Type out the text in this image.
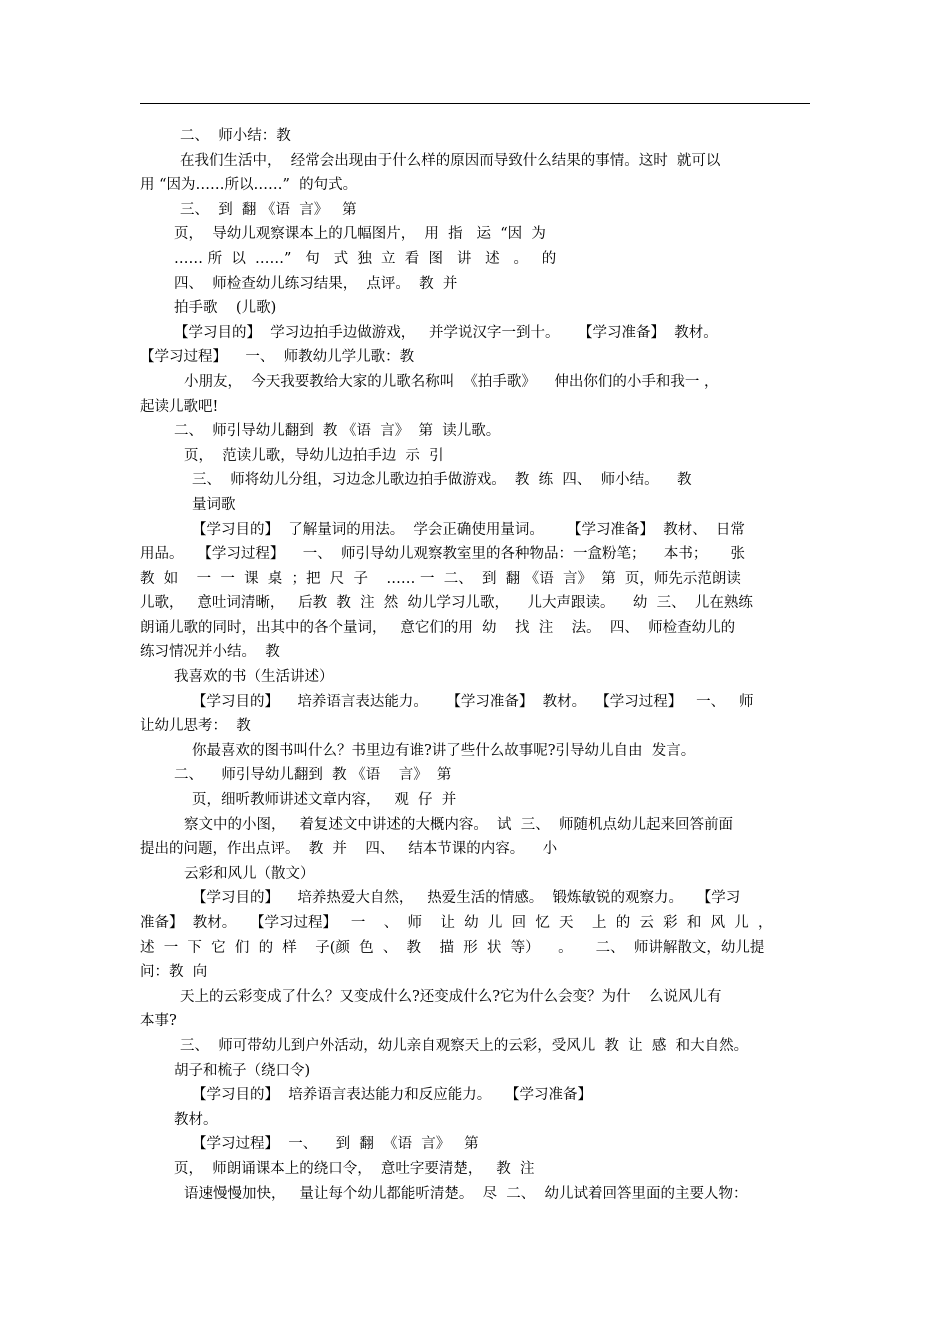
二、  师小结：教
在我们生活中，  经常会出现由于什么样的原因而导致什么结果的事情。这时  就可以
用 “因为……所以……”  的句式。
三、  到  翻 《语  言》   第
页，  导幼儿观察课本上的几幅图片，  用  指   运  “因  为
…… 所  以  ……”   句   式  独  立  看  图   讲   述   。   的
四、  师检查幼儿练习结果，  点评。  教  并
拍手歌    (儿歌)
【学习目的】  学习边拍手边做游戏，   并学说汉字一到十。    【学习准备】  教材。
【学习过程】    一、  师教幼儿学儿歌：教
小朋友，  今天我要教给大家的儿歌名称叫  《拍手歌》    伸出你们的小手和我一 ，
起读儿歌吧!
二、  师引导幼儿翻到  教 《语  言》  第  读儿歌。
页，  范读儿歌，导幼儿边拍手边  示  引
三、  师将幼儿分组，习边念儿歌边拍手做游戏。  教  练  四、  师小结。    教
量词歌
【学习目的】  了解量词的用法。  学会正确使用量词。     【学习准备】  教材、  日常
用品。   【学习过程】    一、  师引导幼儿观察教室里的各种物品：一盒粉笔；    本书；     张
教  如    一  一  课  桌  ；把  尺  子    …… 一  二、  到  翻 《语  言》  第  页，师先示范朗读
儿歌，   意吐词清晰，   后教  教  注  然  幼儿学习儿歌，    儿大声跟读。    幼  三、  儿在熟练
朗诵儿歌的同时，出其中的各个量词，   意它们的用  幼    找  注    法。  四、  师检查幼儿的
练习情况并小结。  教
我喜欢的书（生活讲述）
【学习目的】    培养语言表达能力。    【学习准备】  教材。  【学习过程】   一、   师
让幼儿思考：  教
你最喜欢的图书叫什么？书里边有谁?讲了些什么故事呢?引导幼儿自由  发言。
二、    师引导幼儿翻到  教 《语    言》  第
页，细听教师讲述文章内容，   观  仔  并
察文中的小图，   着复述文中讲述的大概内容。  试  三、  师随机点幼儿起来回答前面
提出的问题，作出点评。  教  并    四、   结本节课的内容。    小
云彩和风儿（散文）
【学习目的】    培养热爱大自然，   热爱生活的情感。  锻炼敏锐的观察力。   【学习
准备】  教材。   【学习过程】   一    、  师    让  幼  儿  回  忆  天    上  的  云  彩  和  风  儿  ，
述  一  下  它  们  的  样    子(颜  色  、  教    描  形  状  等）    。     二、  师讲解散文，幼儿提
问：教  向
天上的云彩变成了什么？又变成什么?还变成什么?它为什么会变？为什    么说风儿有
本事?
三、  师可带幼儿到户外活动，幼儿亲自观察天上的云彩，受风儿  教  让  感  和大自然。
胡子和梳子（绕口令)
【学习目的】  培养语言表达能力和反应能力。   【学习准备】
教材。
【学习过程】  一、    到  翻  《语  言》   第
页，  师朗诵课本上的绕口令，  意吐字要清楚，   教  注
语速慢慢加快，   量让每个幼儿都能听清楚。  尽  二、  幼儿试着回答里面的主要人物：
